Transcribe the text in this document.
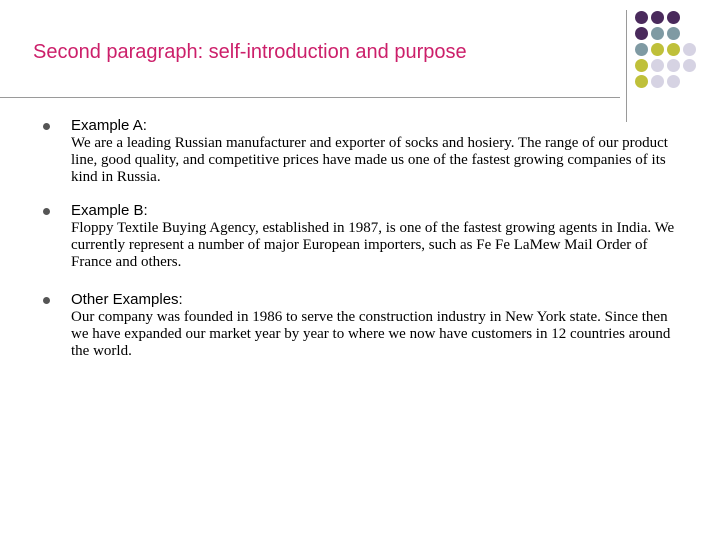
Second paragraph: self-introduction and purpose
Example A:
We are a leading Russian manufacturer and exporter of socks and hosiery. The range of our product line, good quality, and competitive prices have made us one of the fastest growing companies of its kind in Russia.
Example B:
Floppy Textile Buying Agency, established in 1987, is one of the fastest growing agents in India. We currently represent a number of major European importers, such as Fe Fe LaMew Mail Order of France and others.
Other Examples:
Our company was founded in 1986 to serve the construction industry in New York state. Since then we have expanded our market year by year to where we now have customers in 12 countries around the world.
